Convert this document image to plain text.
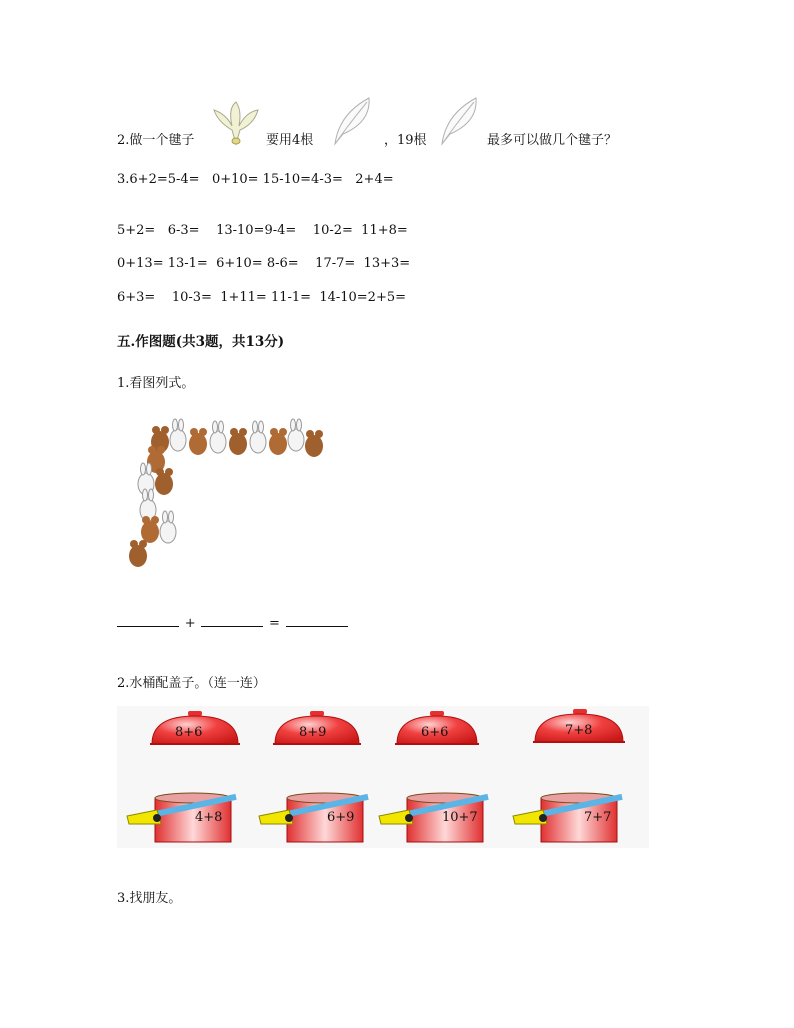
2.做一个毽子	要用4根	，19根	最多可以做几个毽子？
3.6+2=5-4=   0+10= 15-10=4-3=   2+4=
5+2=   6-3=    13-10=9-4=    10-2=  11+8=
0+13= 13-1=  6+10= 8-6=    17-7=  13+3=
6+3=    10-3=  1+11= 11-1=  14-10=2+5=
五.作图题(共3题，共13分)
1.看图列式。
+	=
2.水桶配盖子。（连一连）
8+6	8+9	6+6	7+8
4+8	6+9	10+7	7+7
3.找朋友。
